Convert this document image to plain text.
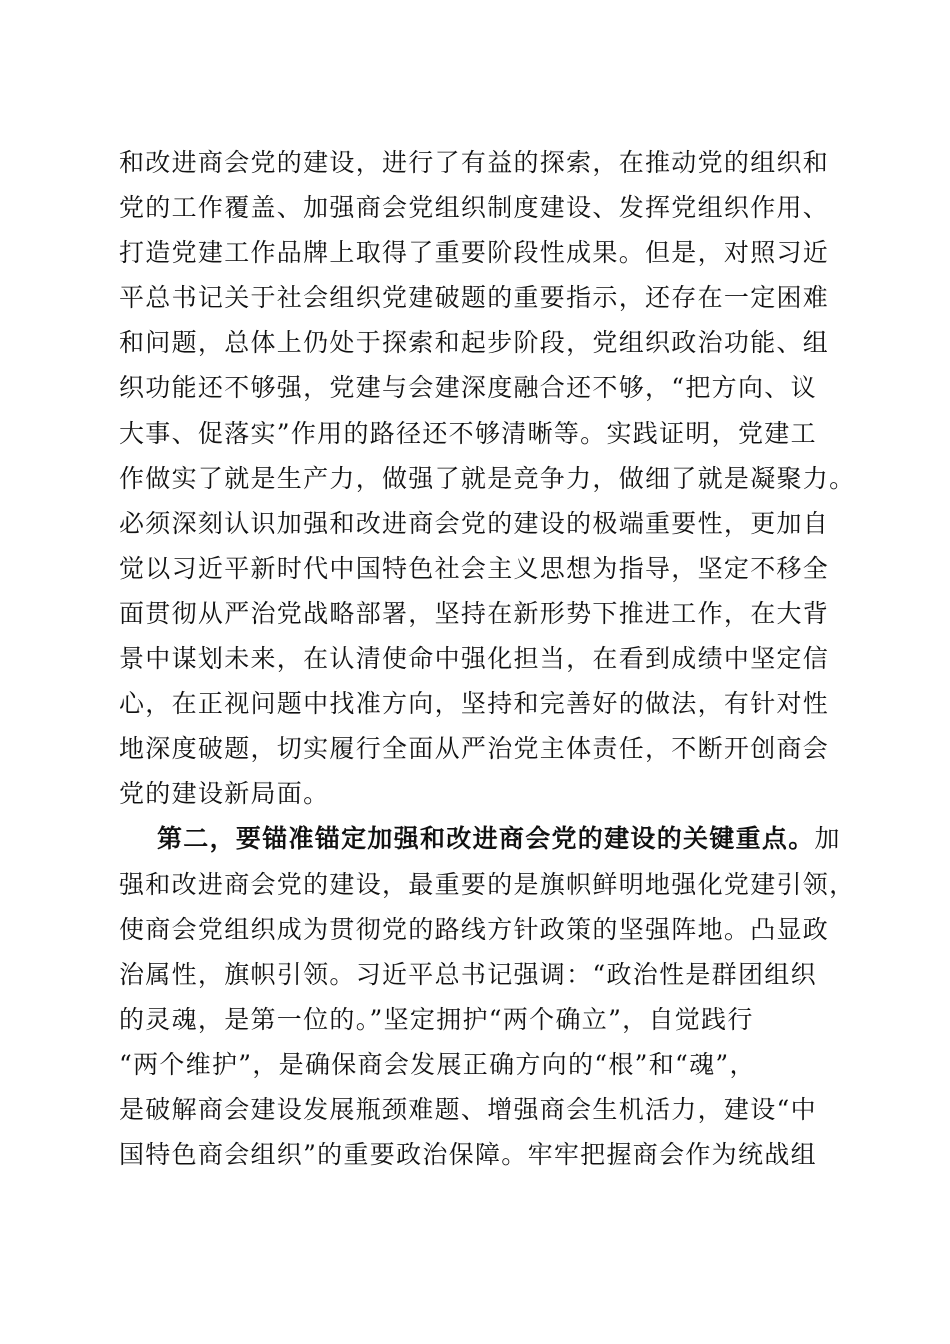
和改进商会党的建设，进行了有益的探索，在推动党的组织和
党的工作覆盖、加强商会党组织制度建设、发挥党组织作用、
打造党建工作品牌上取得了重要阶段性成果。但是，对照习近
平总书记关于社会组织党建破题的重要指示，还存在一定困难
和问题，总体上仍处于探索和起步阶段，党组织政治功能、组
织功能还不够强，党建与会建深度融合还不够，“把方向、议
大事、促落实”作用的路径还不够清晰等。实践证明，党建工
作做实了就是生产力，做强了就是竞争力，做细了就是凝聚力。
必须深刻认识加强和改进商会党的建设的极端重要性，更加自
觉以习近平新时代中国特色社会主义思想为指导，坚定不移全
面贯彻从严治党战略部署，坚持在新形势下推进工作，在大背
景中谋划未来，在认清使命中强化担当，在看到成绩中坚定信
心，在正视问题中找准方向，坚持和完善好的做法，有针对性
地深度破题，切实履行全面从严治党主体责任，不断开创商会
党的建设新局面。
第二，要锚准锚定加强和改进商会党的建设的关键重点。加
强和改进商会党的建设，最重要的是旗帜鲜明地强化党建引领，
使商会党组织成为贯彻党的路线方针政策的坚强阵地。凸显政
治属性，旗帜引领。习近平总书记强调：“政治性是群团组织
的灵魂，是第一位的。”坚定拥护“两个确立”，自觉践行
“两个维护”，是确保商会发展正确方向的“根”和“魂”，
是破解商会建设发展瓶颈难题、增强商会生机活力，建设“中
国特色商会组织”的重要政治保障。牢牢把握商会作为统战组
